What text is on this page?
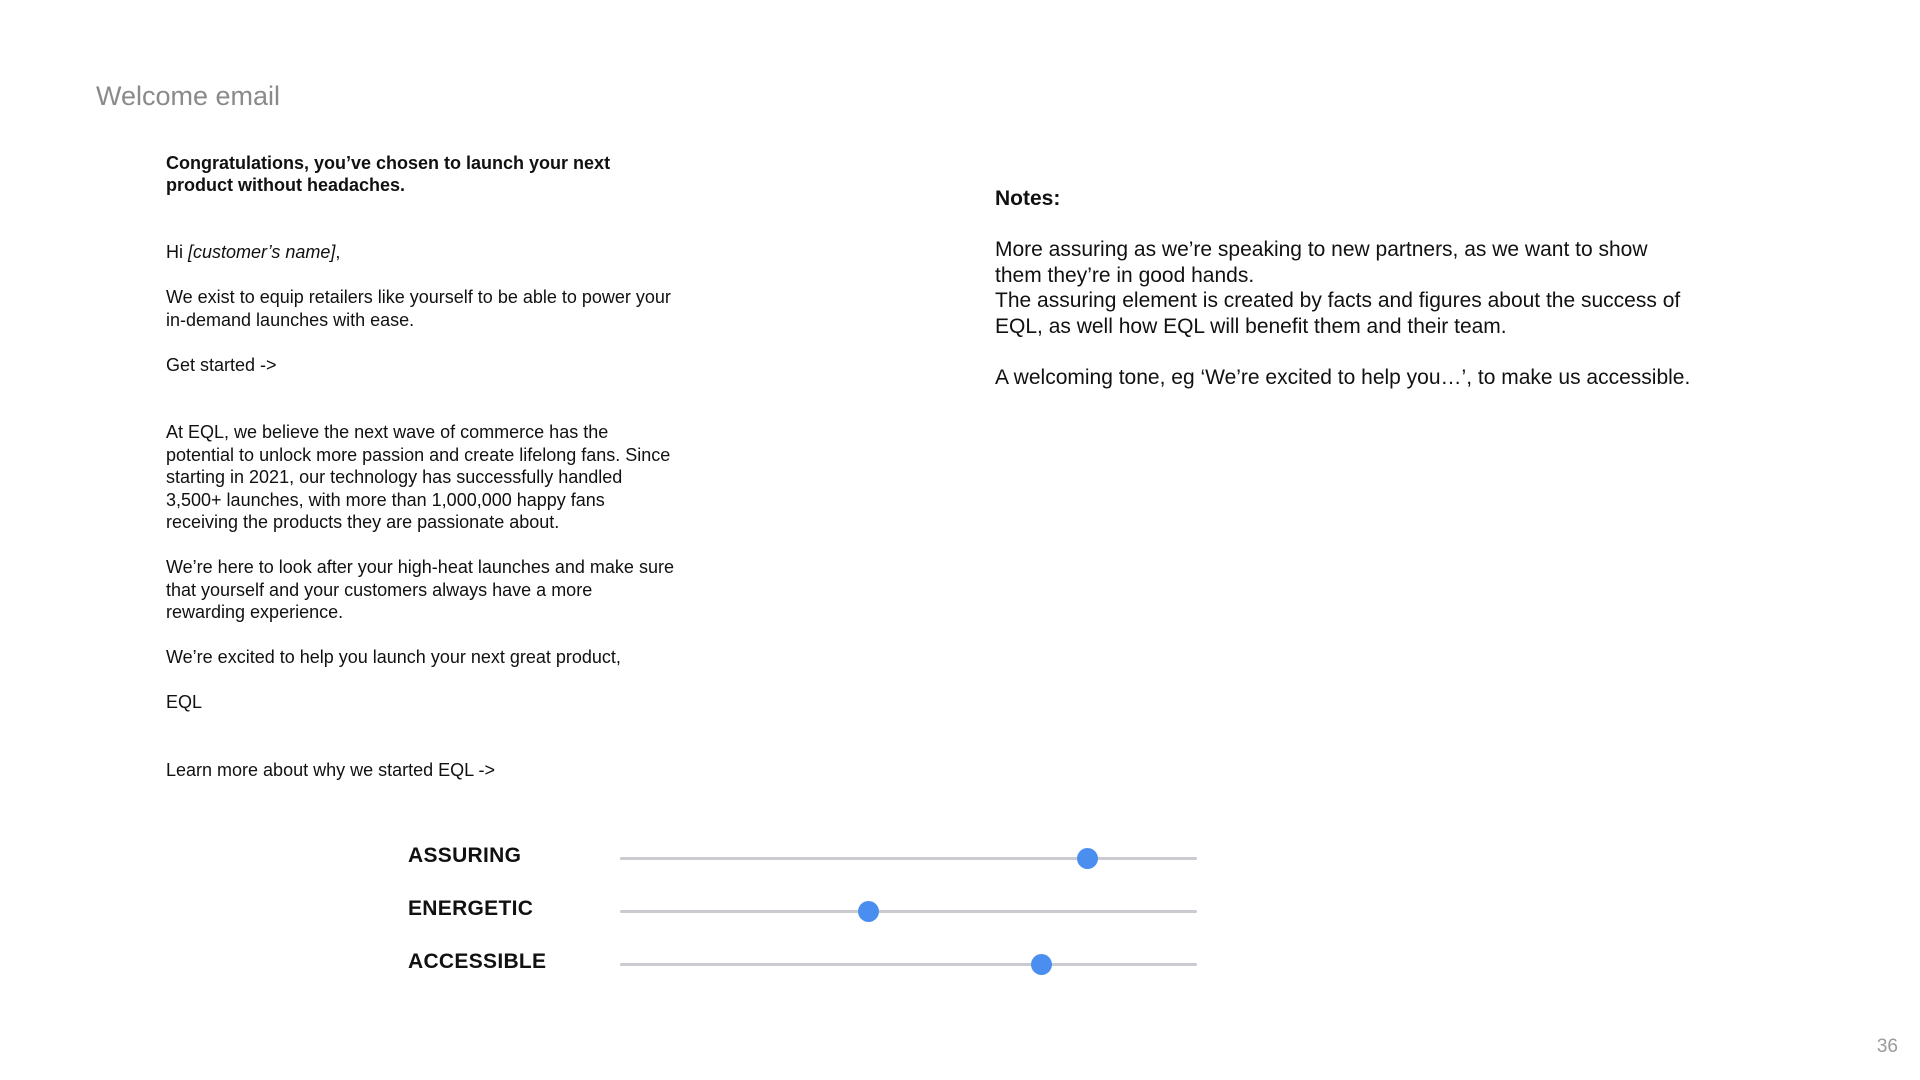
Welcome email

Congratulations, you’ve chosen to launch your next product without headaches.

Hi [customer’s name],

We exist to equip retailers like yourself to be able to power your in-demand launches with ease.

Get started ->

At EQL, we believe the next wave of commerce has the potential to unlock more passion and create lifelong fans. Since starting in 2021, our technology has successfully handled 3,500+ launches, with more than 1,000,000 happy fans receiving the products they are passionate about.

We’re here to look after your high-heat launches and make sure that yourself and your customers always have a more rewarding experience.

We’re excited to help you launch your next great product,

EQL

Learn more about why we started EQL ->

Notes:

More assuring as we’re speaking to new partners, as we want to show them they’re in good hands.

The assuring element is created by facts and figures about the success of EQL, as well how EQL will benefit them and their team.

A welcoming tone, eg ‘We’re excited to help you…’, to make us accessible.

ASSURING
ENERGETIC
ACCESSIBLE
36
